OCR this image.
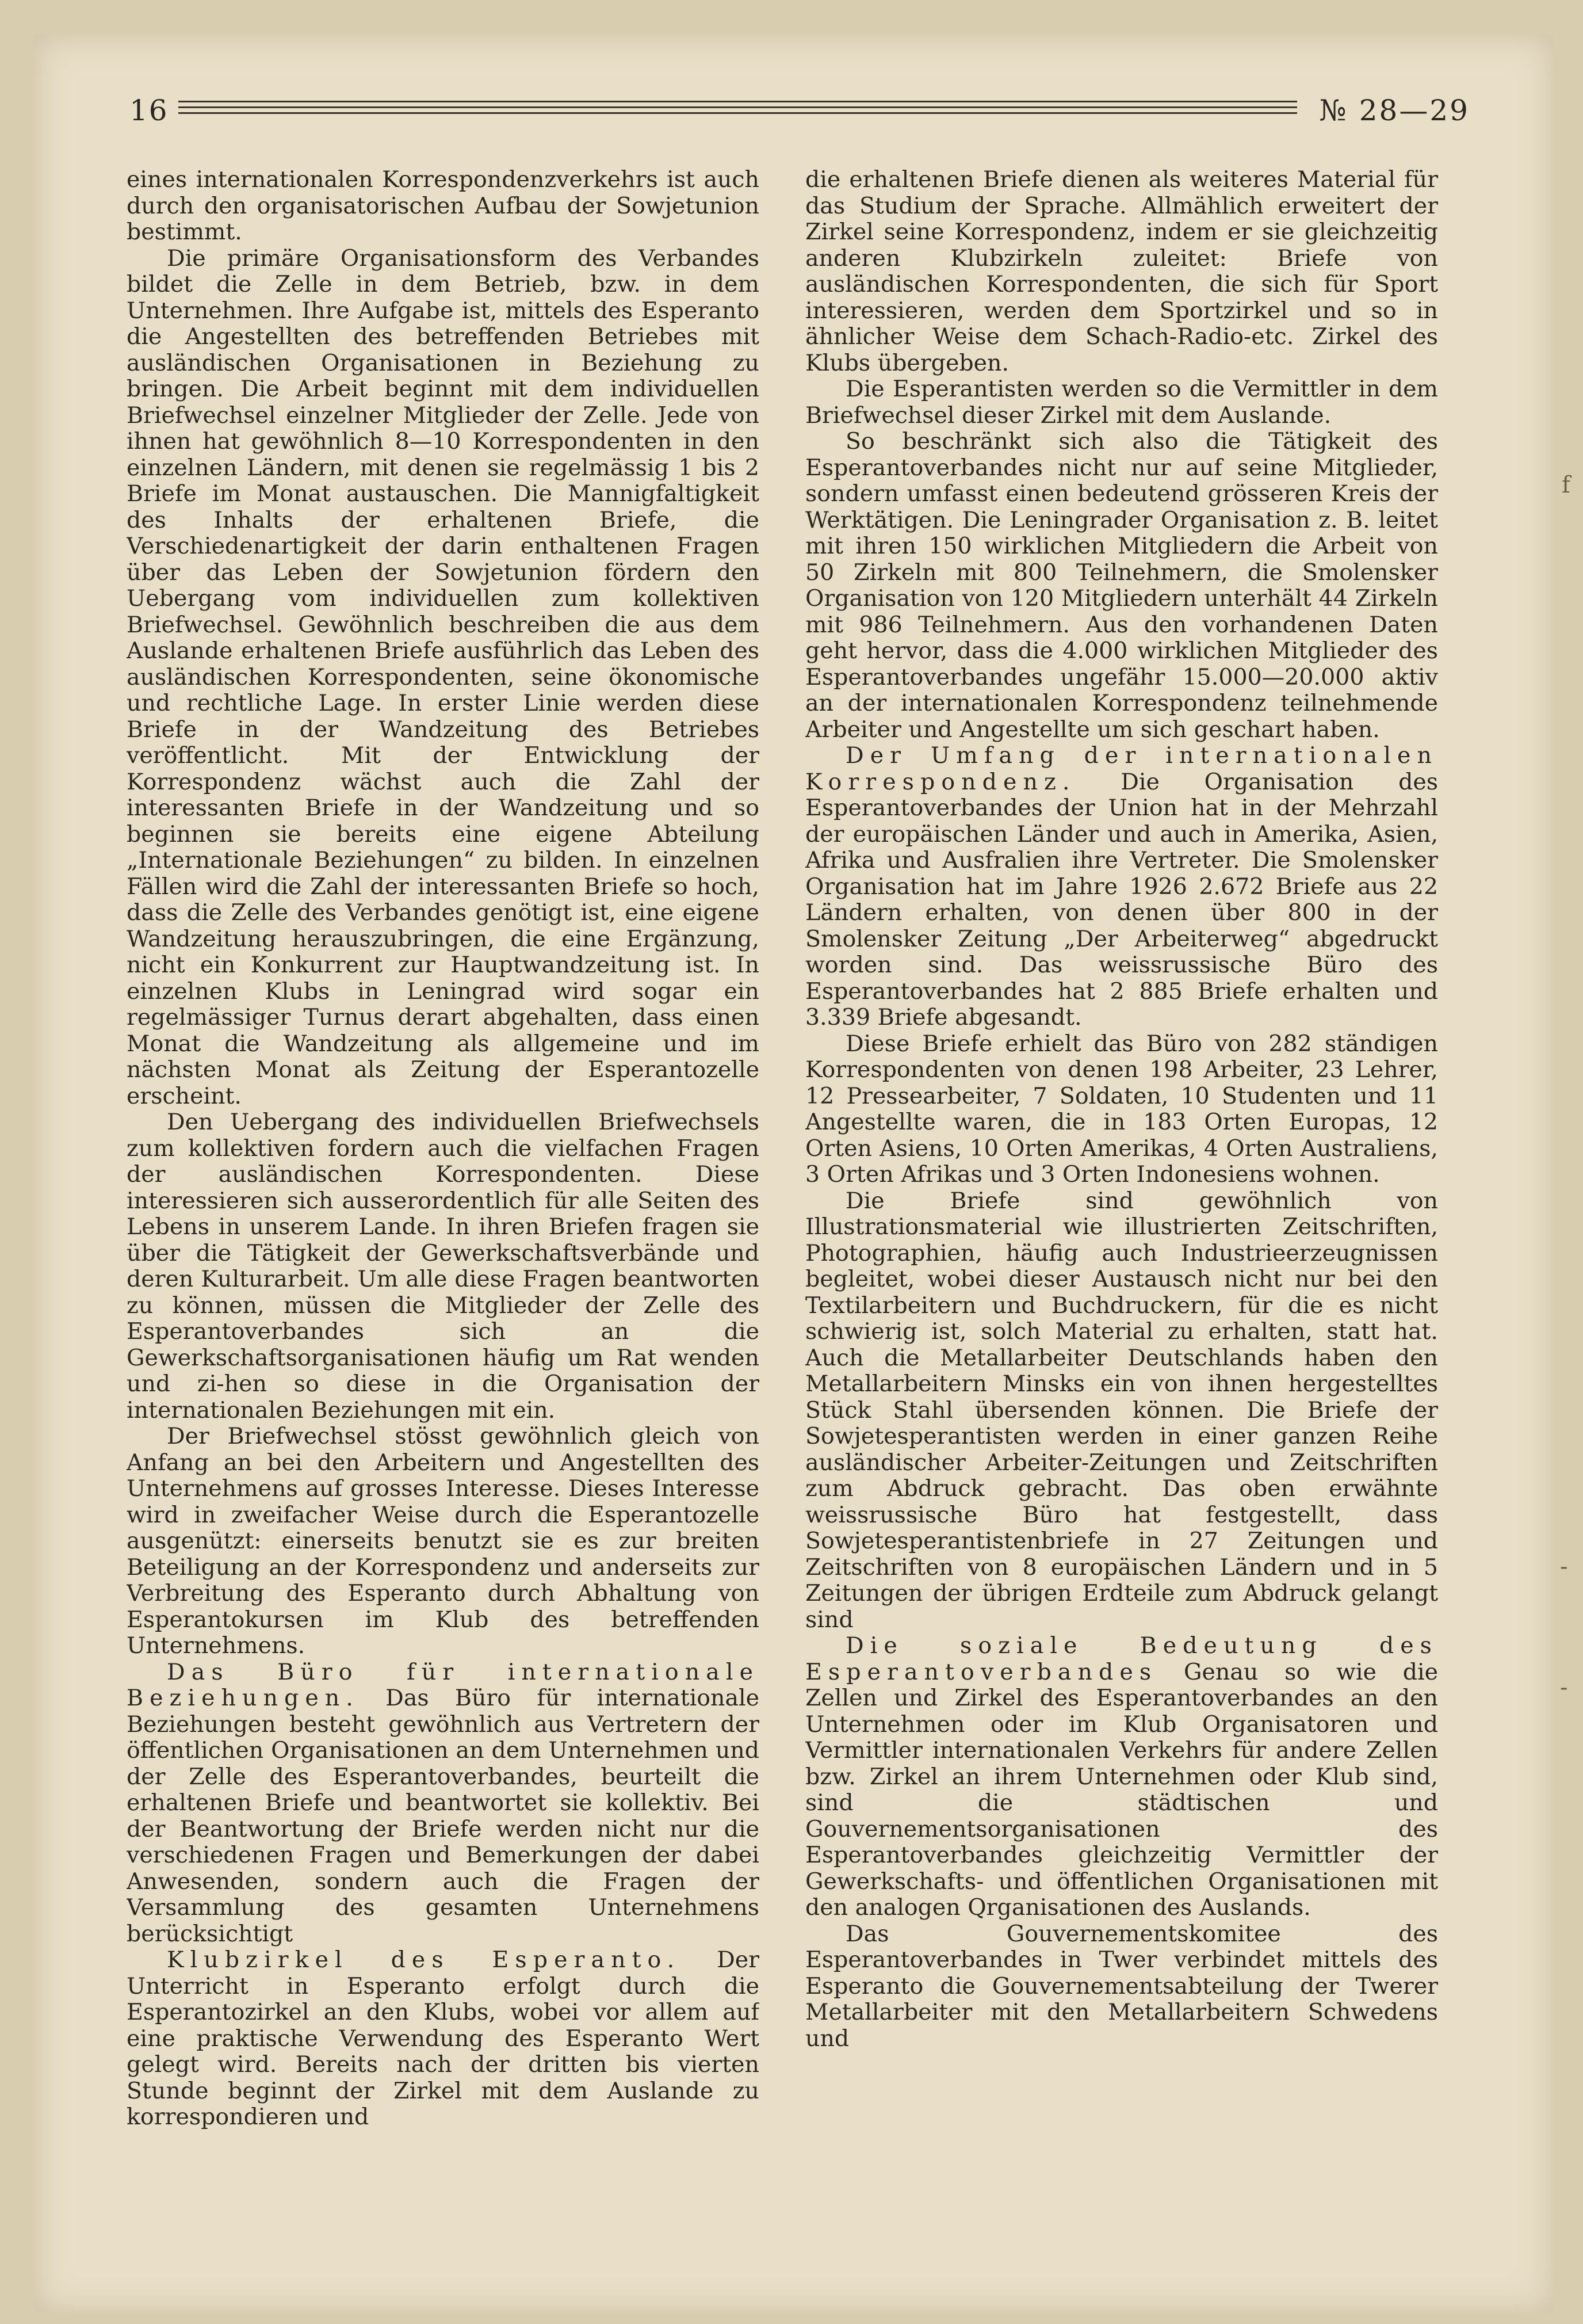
16	№ 28—29

eines internationalen Korrespondenzverkehrs ist auch durch den organisatorischen Aufbau der Sowjetunion bestimmt.

Die primäre Organisationsform des Verbandes bildet die Zelle in dem Betrieb, bzw. in dem Unternehmen. Ihre Aufgabe ist, mittels des Esperanto die Angestellten des betreffenden Betriebes mit ausländischen Organisationen in Beziehung zu bringen. Die Arbeit beginnt mit dem individuellen Briefwechsel einzelner Mitglieder der Zelle. Jede von ihnen hat gewöhnlich 8—10 Korrespondenten in den einzelnen Ländern, mit denen sie regelmässig 1 bis 2 Briefe im Monat austauschen. Die Mannigfaltigkeit des Inhalts der erhaltenen Briefe, die Verschiedenartigkeit der darin enthaltenen Fragen über das Leben der Sowjetunion fördern den Uebergang vom individuellen zum kollektiven Briefwechsel. Gewöhnlich beschreiben die aus dem Auslande erhaltenen Briefe ausführlich das Leben des ausländischen Korrespondenten, seine ökonomische und rechtliche Lage. In erster Linie werden diese Briefe in der Wandzeitung des Betriebes veröffentlicht. Mit der Entwicklung der Korrespondenz wächst auch die Zahl der interessanten Briefe in der Wandzeitung und so beginnen sie bereits eine eigene Abteilung „Internationale Beziehungen“ zu bilden. In einzelnen Fällen wird die Zahl der interessanten Briefe so hoch, dass die Zelle des Verbandes genötigt ist, eine eigene Wandzeitung herauszubringen, die eine Ergänzung, nicht ein Konkurrent zur Hauptwandzeitung ist. In einzelnen Klubs in Leningrad wird sogar ein regelmässiger Turnus derart abgehalten, dass einen Monat die Wandzeitung als allgemeine und im nächsten Monat als Zeitung der Esperantozelle erscheint.

Den Uebergang des individuellen Briefwechsels zum kollektiven fordern auch die vielfachen Fragen der ausländischen Korrespondenten. Diese interessieren sich ausserordentlich für alle Seiten des Lebens in unserem Lande. In ihren Briefen fragen sie über die Tätigkeit der Gewerkschaftsverbände und deren Kulturarbeit. Um alle diese Fragen beantworten zu können, müssen die Mitglieder der Zelle des Esperantoverbandes sich an die Gewerkschaftsorganisationen häufig um Rat wenden und zi-hen so diese in die Organisation der internationalen Beziehungen mit ein.

Der Briefwechsel stösst gewöhnlich gleich von Anfang an bei den Arbeitern und Angestellten des Unternehmens auf grosses Interesse. Dieses Interesse wird in zweifacher Weise durch die Esperantozelle ausgenützt: einerseits benutzt sie es zur breiten Beteiligung an der Korrespondenz und anderseits zur Verbreitung des Esperanto durch Abhaltung von Esperantokursen im Klub des betreffenden Unternehmens.

Das Büro für internationale Beziehungen. Das Büro für internationale Beziehungen besteht gewöhnlich aus Vertretern der öffentlichen Organisationen an dem Unternehmen und der Zelle des Esperantoverbandes, beurteilt die erhaltenen Briefe und beantwortet sie kollektiv. Bei der Beantwortung der Briefe werden nicht nur die verschiedenen Fragen und Bemerkungen der dabei Anwesenden, sondern auch die Fragen der Versammlung des gesamten Unternehmens berücksichtigt

Klubzirkel des Esperanto. Der Unterricht in Esperanto erfolgt durch die Esperantozirkel an den Klubs, wobei vor allem auf eine praktische Verwendung des Esperanto Wert gelegt wird. Bereits nach der dritten bis vierten Stunde beginnt der Zirkel mit dem Auslande zu korrespondieren und

die erhaltenen Briefe dienen als weiteres Material für das Studium der Sprache. Allmählich erweitert der Zirkel seine Korrespondenz, indem er sie gleichzeitig anderen Klubzirkeln zuleitet: Briefe von ausländischen Korrespondenten, die sich für Sport interessieren, werden dem Sportzirkel und so in ähnlicher Weise dem Schach-Radio-etc. Zirkel des Klubs übergeben.

Die Esperantisten werden so die Vermittler in dem Briefwechsel dieser Zirkel mit dem Auslande.

So beschränkt sich also die Tätigkeit des Esperantoverbandes nicht nur auf seine Mitglieder, sondern umfasst einen bedeutend grösseren Kreis der Werktätigen. Die Leningrader Organisation z. B. leitet mit ihren 150 wirklichen Mitgliedern die Arbeit von 50 Zirkeln mit 800 Teilnehmern, die Smolensker Organisation von 120 Mitgliedern unterhält 44 Zirkeln mit 986 Teilnehmern. Aus den vorhandenen Daten geht hervor, dass die 4.000 wirklichen Mitglieder des Esperantoverbandes ungefähr 15.000—20.000 aktiv an der internationalen Korrespondenz teilnehmende Arbeiter und Angestellte um sich geschart haben.

Der Umfang der internationalen Korrespondenz. Die Organisation des Esperantoverbandes der Union hat in der Mehrzahl der europäischen Länder und auch in Amerika, Asien, Afrika und Ausfralien ihre Vertreter. Die Smolensker Organisation hat im Jahre 1926 2.672 Briefe aus 22 Ländern erhalten, von denen über 800 in der Smolensker Zeitung „Der Arbeiterweg“ abgedruckt worden sind. Das weissrussische Büro des Esperantoverbandes hat 2 885 Briefe erhalten und 3.339 Briefe abgesandt.

Diese Briefe erhielt das Büro von 282 ständigen Korrespondenten von denen 198 Arbeiter, 23 Lehrer, 12 Pressearbeiter, 7 Soldaten, 10 Studenten und 11 Angestellte waren, die in 183 Orten Europas, 12 Orten Asiens, 10 Orten Amerikas, 4 Orten Australiens, 3 Orten Afrikas und 3 Orten Indonesiens wohnen.

Die Briefe sind gewöhnlich von Illustrationsmaterial wie illustrierten Zeitschriften, Photographien, häufig auch Industrieerzeugnissen begleitet, wobei dieser Austausch nicht nur bei den Textilarbeitern und Buchdruckern, für die es nicht schwierig ist, solch Material zu erhalten, statt hat. Auch die Metallarbeiter Deutschlands haben den Metallarbeitern Minsks ein von ihnen hergestelltes Stück Stahl übersenden können. Die Briefe der Sowjetesperantisten werden in einer ganzen Reihe ausländischer Arbeiter-Zeitungen und Zeitschriften zum Abdruck gebracht. Das oben erwähnte weissrussische Büro hat festgestellt, dass Sowjetesperantistenbriefe in 27 Zeitungen und Zeitschriften von 8 europäischen Ländern und in 5 Zeitungen der übrigen Erdteile zum Abdruck gelangt sind

Die soziale Bedeutung des Esperantoverbandes Genau so wie die Zellen und Zirkel des Esperantoverbandes an den Unternehmen oder im Klub Organisatoren und Vermittler internationalen Verkehrs für andere Zellen bzw. Zirkel an ihrem Unternehmen oder Klub sind, sind die städtischen und Gouvernementsorganisationen des Esperantoverbandes gleichzeitig Vermittler der Gewerkschafts- und öffentlichen Organisationen mit den analogen Qrganisationen des Auslands.

Das Gouvernementskomitee des Esperantoverbandes in Twer verbindet mittels des Esperanto die Gouvernementsabteilung der Twerer Metallarbeiter mit den Metallarbeitern Schwedens und

f
-
-
